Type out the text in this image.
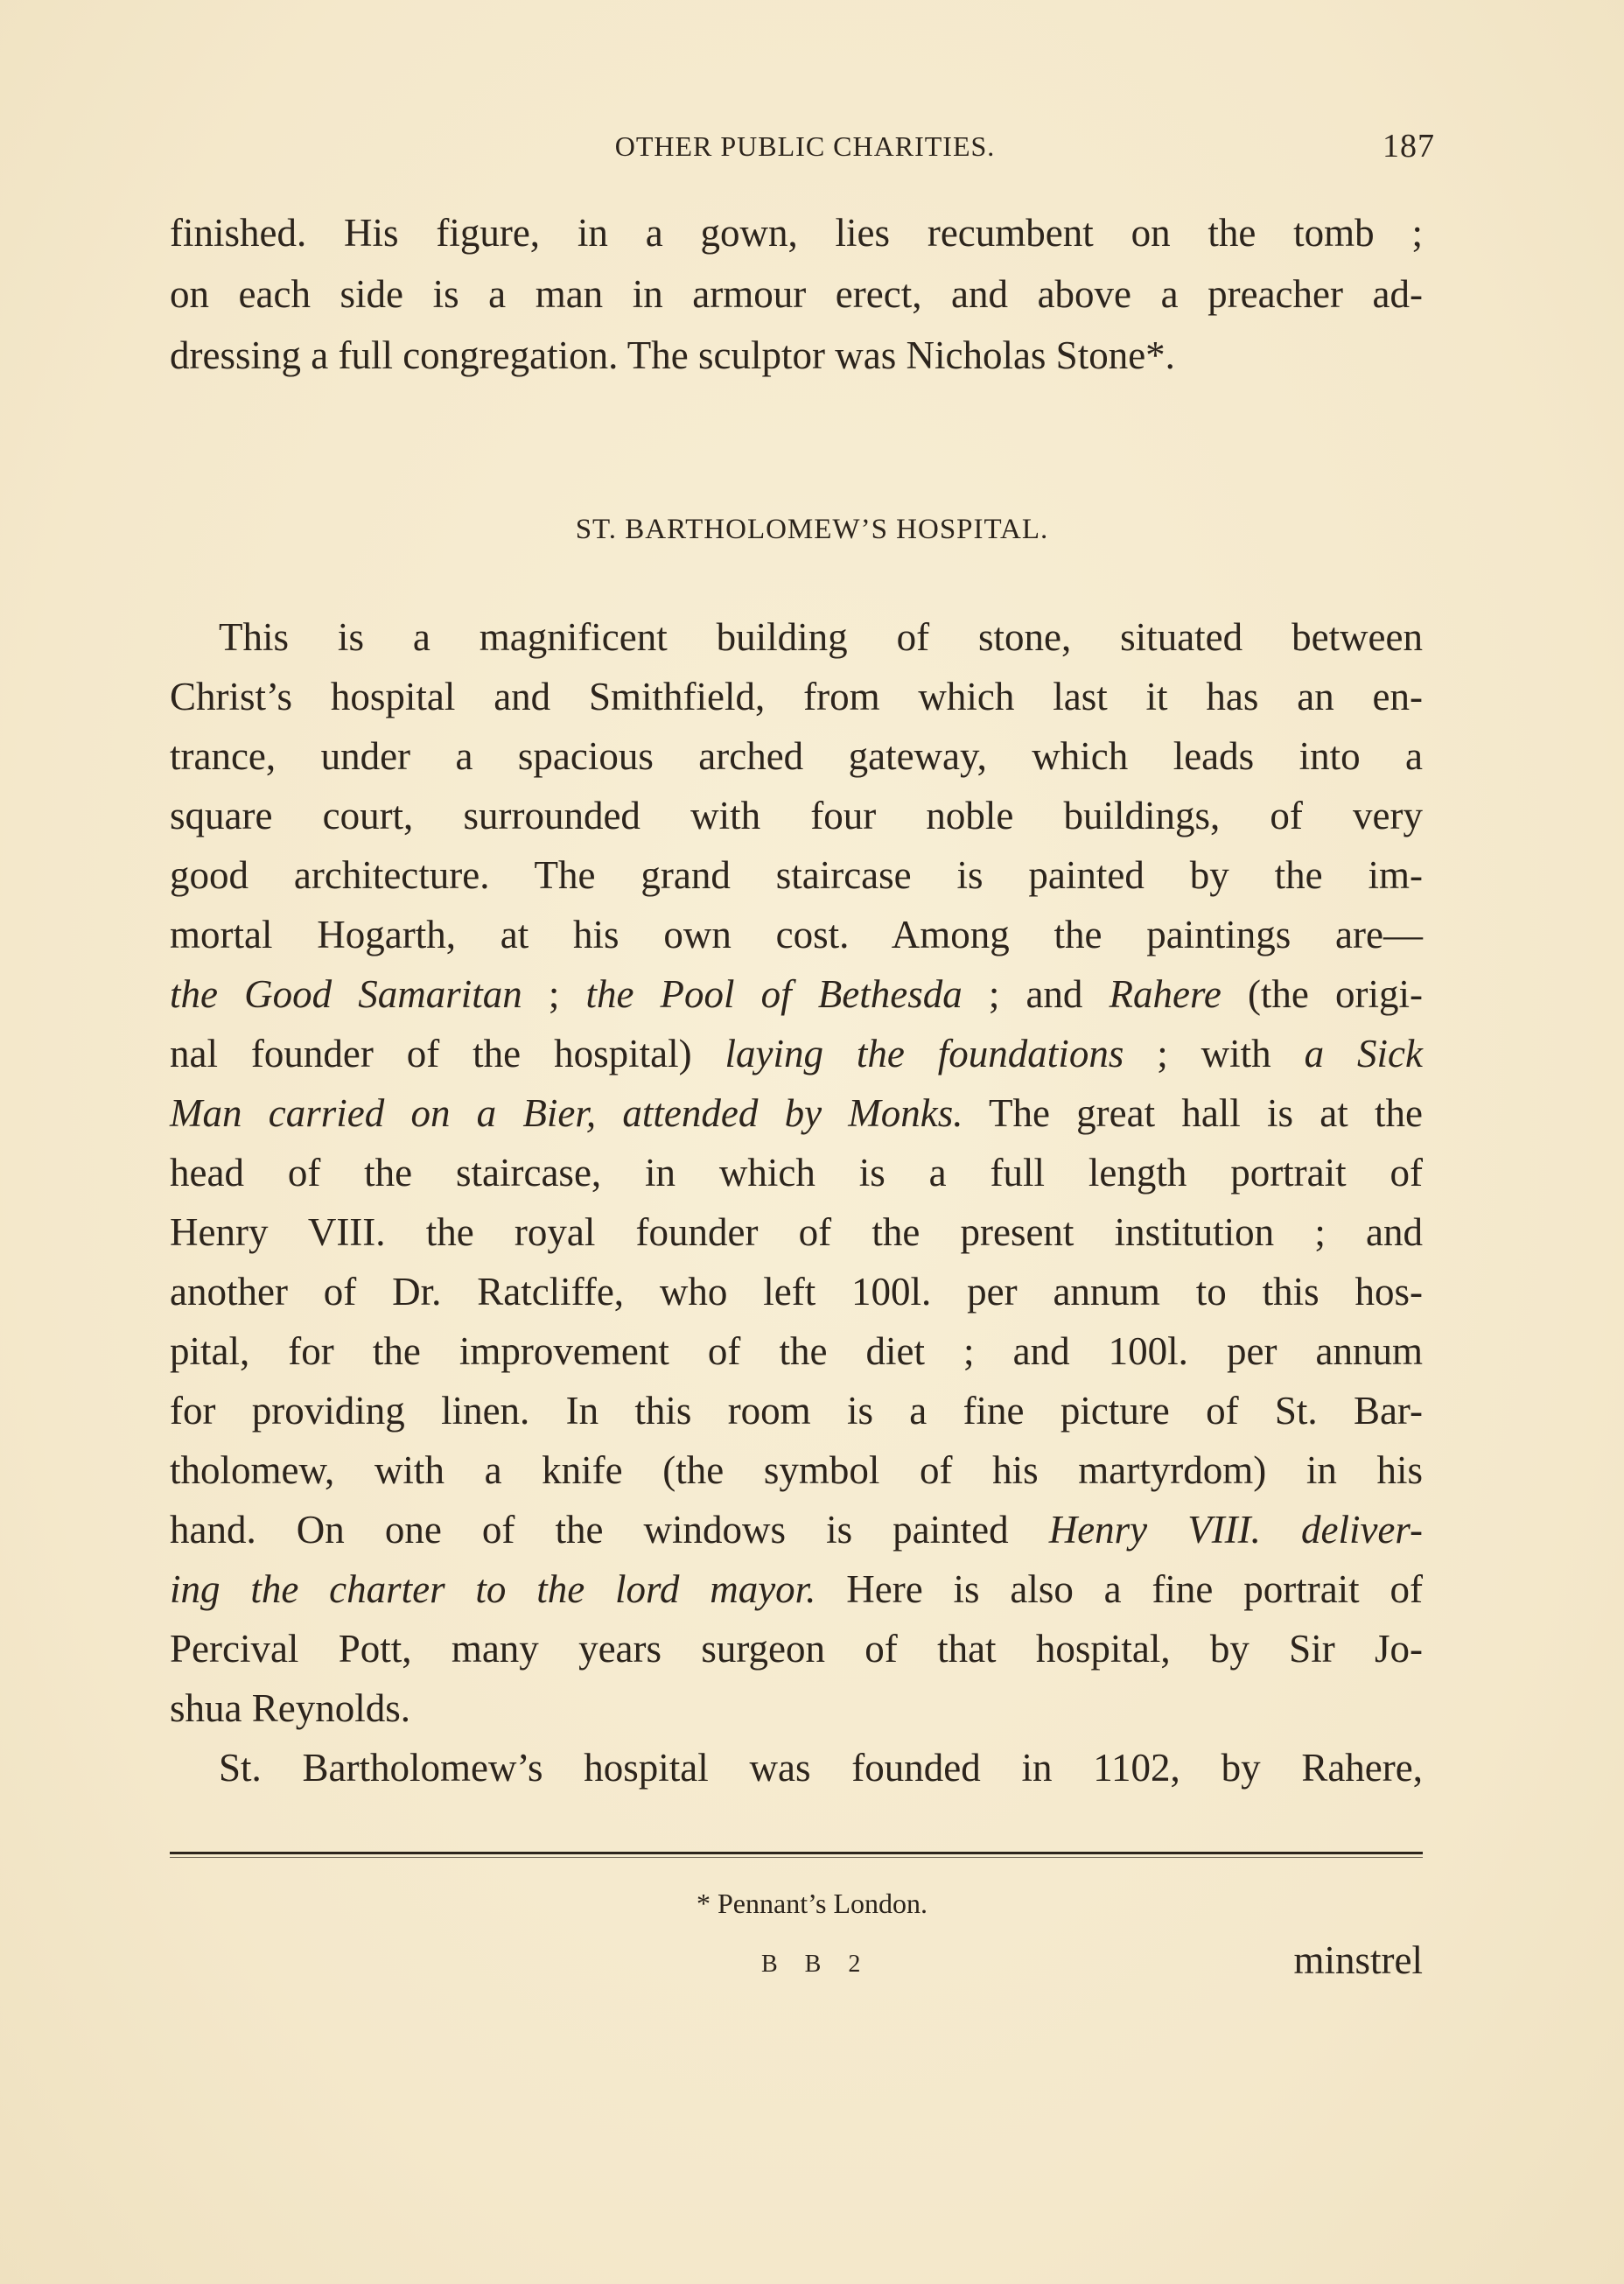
OTHER PUBLIC CHARITIES.	187
finished. His figure, in a gown, lies recumbent on the tomb ;
on each side is a man in armour erect, and above a preacher ad-
dressing a full congregation. The sculptor was Nicholas Stone*.
ST. BARTHOLOMEW’S HOSPITAL.
This is a magnificent building of stone, situated between
Christ’s hospital and Smithfield, from which last it has an en-
trance, under a spacious arched gateway, which leads into a
square court, surrounded with four noble buildings, of very
good architecture. The grand staircase is painted by the im-
mortal Hogarth, at his own cost. Among the paintings are—
the Good Samaritan ; the Pool of Bethesda ; and Rahere (the origi-
nal founder of the hospital) laying the foundations ; with a Sick
Man carried on a Bier, attended by Monks. The great hall is at the
head of the staircase, in which is a full length portrait of
Henry VIII. the royal founder of the present institution ; and
another of Dr. Ratcliffe, who left 100l. per annum to this hos-
pital, for the improvement of the diet ; and 100l. per annum
for providing linen. In this room is a fine picture of St. Bar-
tholomew, with a knife (the symbol of his martyrdom) in his
hand. On one of the windows is painted Henry VIII. deliver-
ing the charter to the lord mayor. Here is also a fine portrait of
Percival Pott, many years surgeon of that hospital, by Sir Jo-
shua Reynolds.
St. Bartholomew’s hospital was founded in 1102, by Rahere,
* Pennant’s London.
B B 2	minstrel
